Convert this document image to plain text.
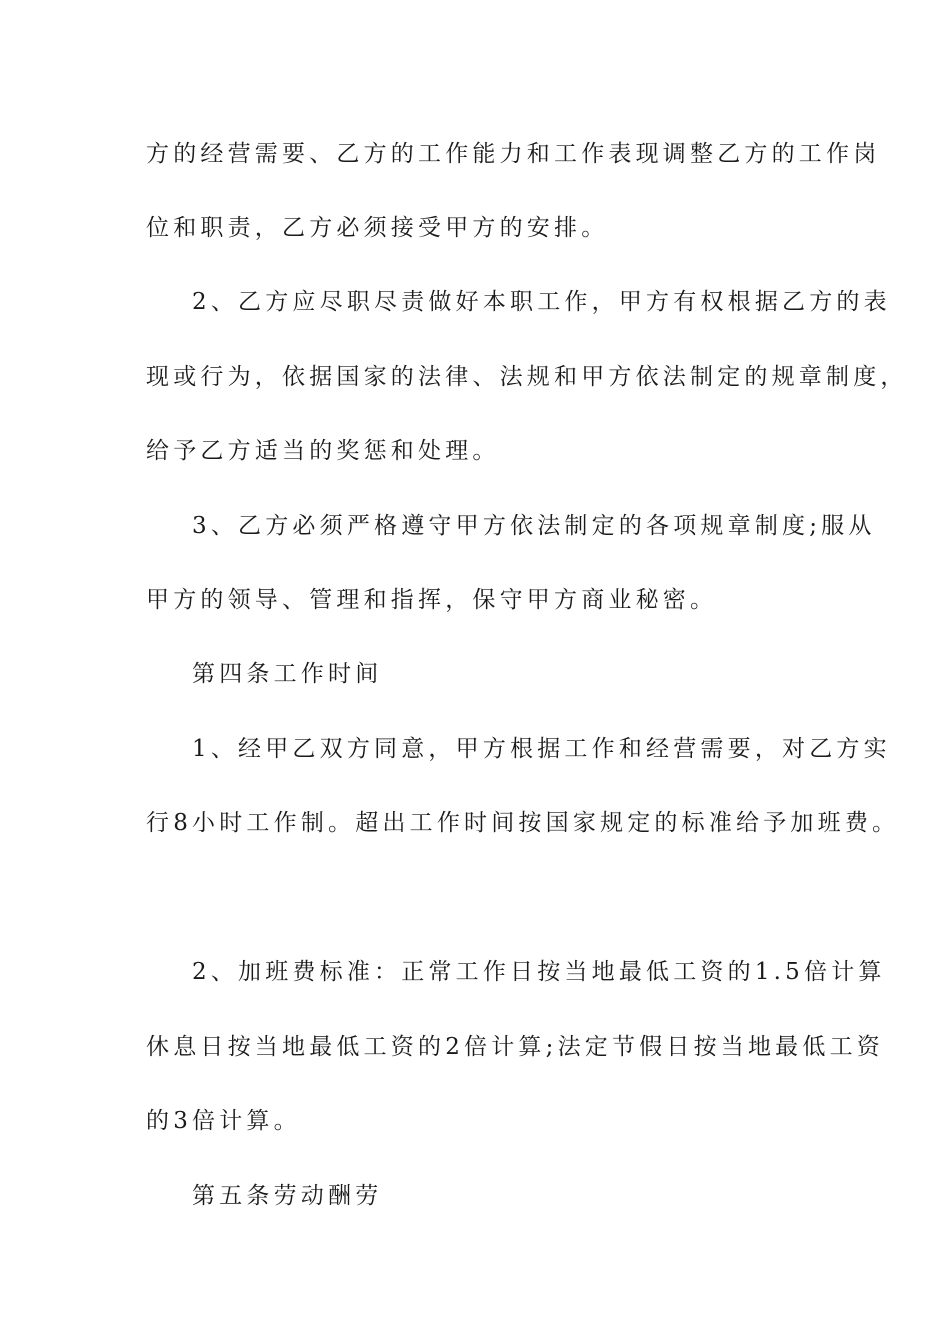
方的经营需要、乙方的工作能力和工作表现调整乙方的工作岗
位和职责，乙方必须接受甲方的安排。
2、乙方应尽职尽责做好本职工作，甲方有权根据乙方的表
现或行为，依据国家的法律、法规和甲方依法制定的规章制度，
给予乙方适当的奖惩和处理。
3、乙方必须严格遵守甲方依法制定的各项规章制度;服从
甲方的领导、管理和指挥，保守甲方商业秘密。
第四条工作时间
1、经甲乙双方同意，甲方根据工作和经营需要，对乙方实
行8小时工作制。超出工作时间按国家规定的标准给予加班费。
2、加班费标准：正常工作日按当地最低工资的1.5倍计算
休息日按当地最低工资的2倍计算;法定节假日按当地最低工资
的3倍计算。
第五条劳动酬劳
